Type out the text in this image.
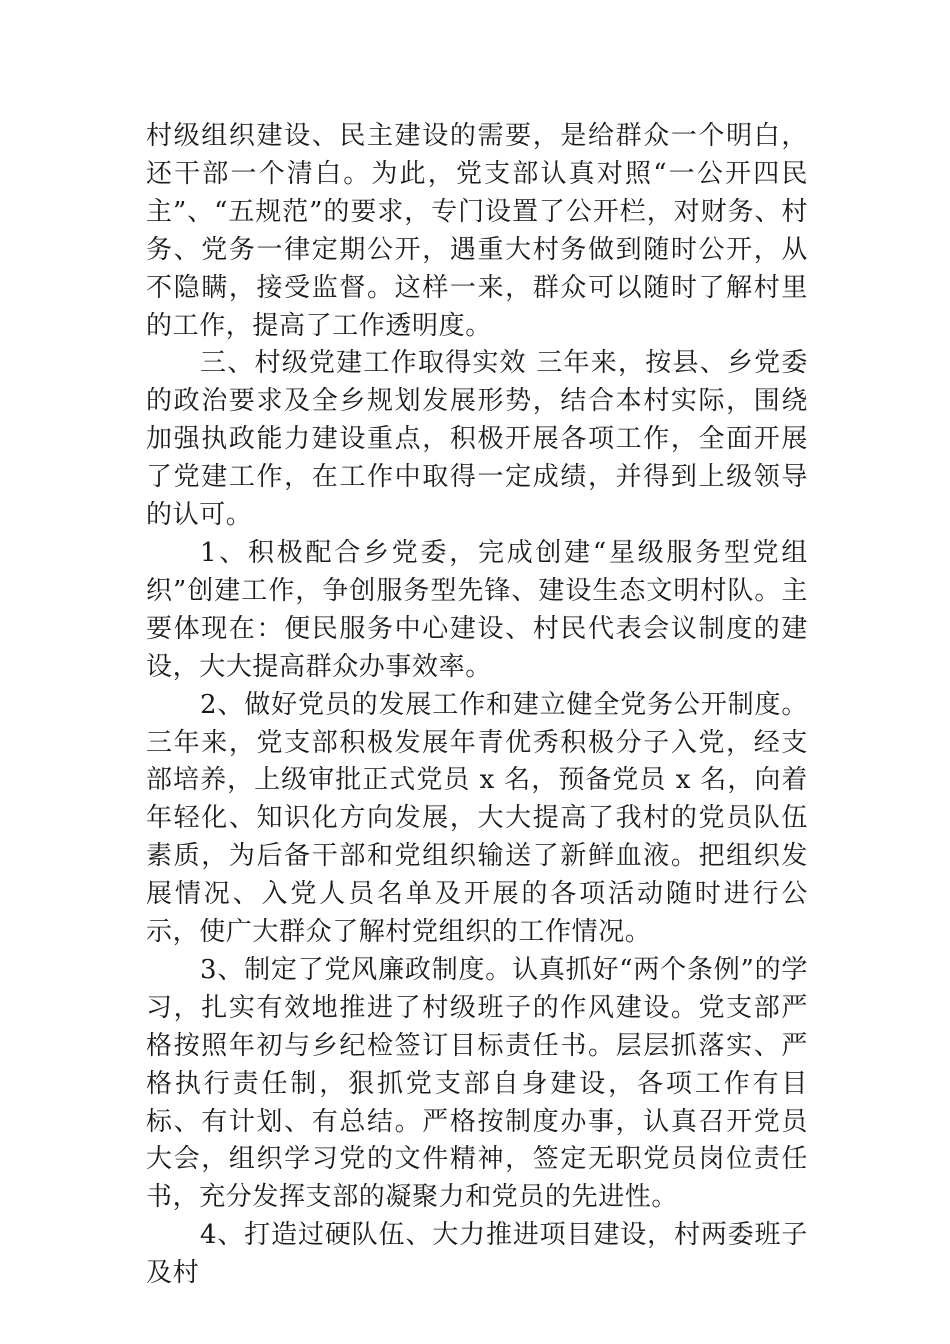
村级组织建设、民主建设的需要，是给群众一个明白，还干部一个清白。为此，党支部认真对照“一公开四民主”、“五规范”的要求，专门设置了公开栏，对财务、村务、党务一律定期公开，遇重大村务做到随时公开，从不隐瞒，接受监督。这样一来，群众可以随时了解村里的工作，提高了工作透明度。

三、村级党建工作取得实效 三年来，按县、乡党委的政治要求及全乡规划发展形势，结合本村实际，围绕加强执政能力建设重点，积极开展各项工作，全面开展了党建工作，在工作中取得一定成绩，并得到上级领导的认可。

1、积极配合乡党委，完成创建“星级服务型党组织”创建工作，争创服务型先锋、建设生态文明村队。主要体现在：便民服务中心建设、村民代表会议制度的建设，大大提高群众办事效率。

2、做好党员的发展工作和建立健全党务公开制度。三年来，党支部积极发展年青优秀积极分子入党，经支部培养，上级审批正式党员 x 名，预备党员 x 名，向着年轻化、知识化方向发展，大大提高了我村的党员队伍素质，为后备干部和党组织输送了新鲜血液。把组织发展情况、入党人员名单及开展的各项活动随时进行公示，使广大群众了解村党组织的工作情况。

3、制定了党风廉政制度。认真抓好“两个条例”的学习，扎实有效地推进了村级班子的作风建设。党支部严格按照年初与乡纪检签订目标责任书。层层抓落实、严格执行责任制，狠抓党支部自身建设，各项工作有目标、有计划、有总结。严格按制度办事，认真召开党员大会，组织学习党的文件精神，签定无职党员岗位责任书，充分发挥支部的凝聚力和党员的先进性。

4、打造过硬队伍、大力推进项目建设，村两委班子及村
